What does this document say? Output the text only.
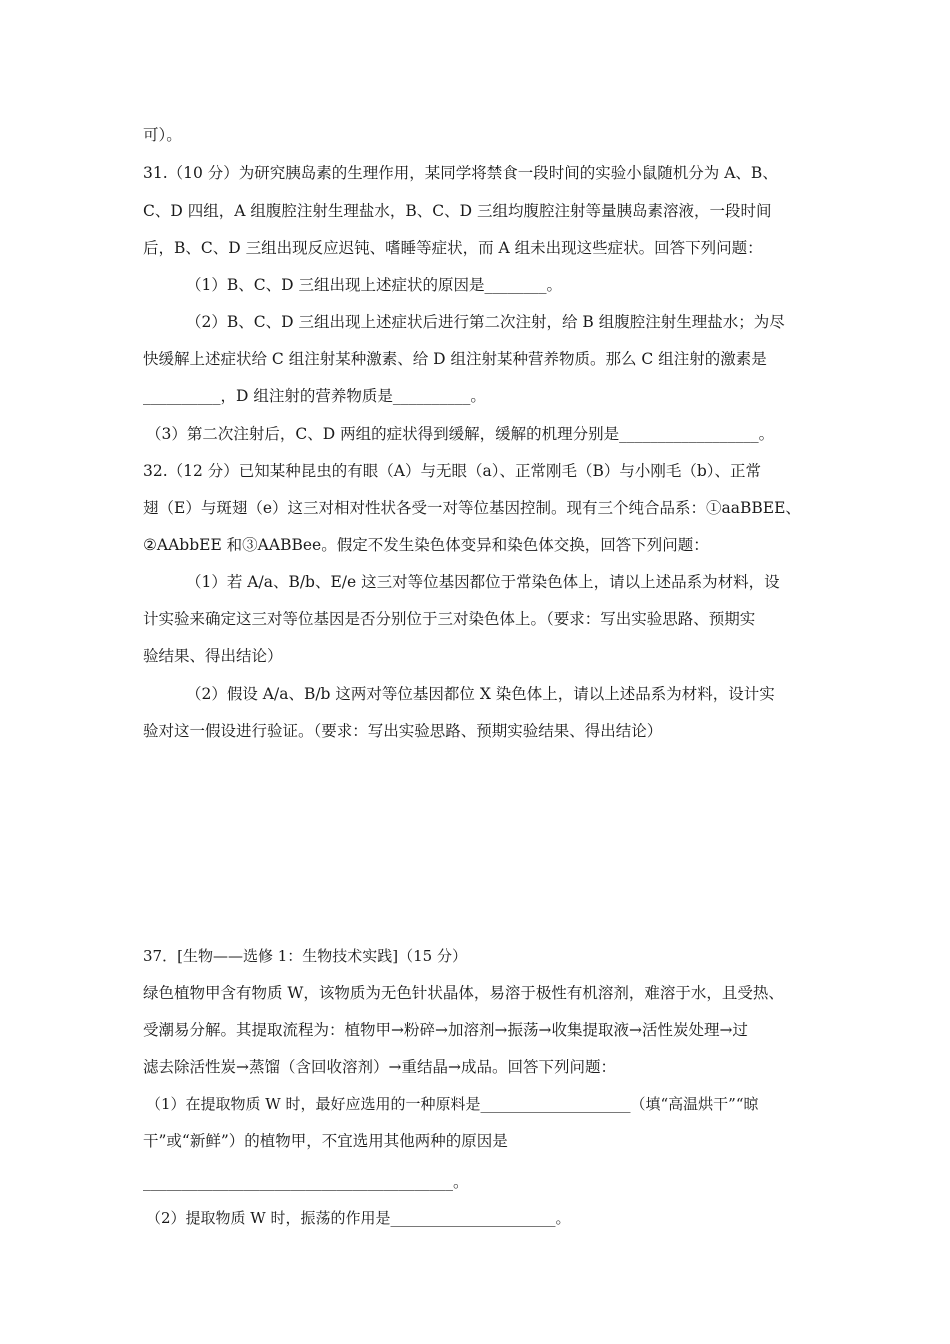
可）。
31.（10 分）为研究胰岛素的生理作用，某同学将禁食一段时间的实验小鼠随机分为 A、B、
C、D 四组，A 组腹腔注射生理盐水，B、C、D 三组均腹腔注射等量胰岛素溶液，一段时间
后，B、C、D 三组出现反应迟钝、嗜睡等症状，而 A 组未出现这些症状。回答下列问题：
（1）B、C、D 三组出现上述症状的原因是________。
（2）B、C、D 三组出现上述症状后进行第二次注射，给 B 组腹腔注射生理盐水；为尽
快缓解上述症状给 C 组注射某种激素、给 D 组注射某种营养物质。那么 C 组注射的激素是
__________，D 组注射的营养物质是__________。
（3）第二次注射后，C、D 两组的症状得到缓解，缓解的机理分别是__________________。
32.（12 分）已知某种昆虫的有眼（A）与无眼（a）、正常刚毛（B）与小刚毛（b）、正常
翅（E）与斑翅（e）这三对相对性状各受一对等位基因控制。现有三个纯合品系：①aaBBEE、
②AAbbEE 和③AABBee。假定不发生染色体变异和染色体交换，回答下列问题：
（1）若 A/a、B/b、E/e 这三对等位基因都位于常染色体上，请以上述品系为材料，设
计实验来确定这三对等位基因是否分别位于三对染色体上。（要求：写出实验思路、预期实
验结果、得出结论）
（2）假设 A/a、B/b 这两对等位基因都位 X 染色体上，请以上述品系为材料，设计实
验对这一假设进行验证。（要求：写出实验思路、预期实验结果、得出结论）
37．[生物——选修 1：生物技术实践]（15 分）
绿色植物甲含有物质 W，该物质为无色针状晶体，易溶于极性有机溶剂，难溶于水，且受热、
受潮易分解。其提取流程为：植物甲→粉碎→加溶剂→振荡→收集提取液→活性炭处理→过
滤去除活性炭→蒸馏（含回收溶剂）→重结晶→成品。回答下列问题：
（1）在提取物质 W 时，最好应选用的一种原料是____________________（填“高温烘干”“晾
干”或“新鲜”）的植物甲，不宜选用其他两种的原因是
________________________________________。
（2）提取物质 W 时，振荡的作用是______________________。
